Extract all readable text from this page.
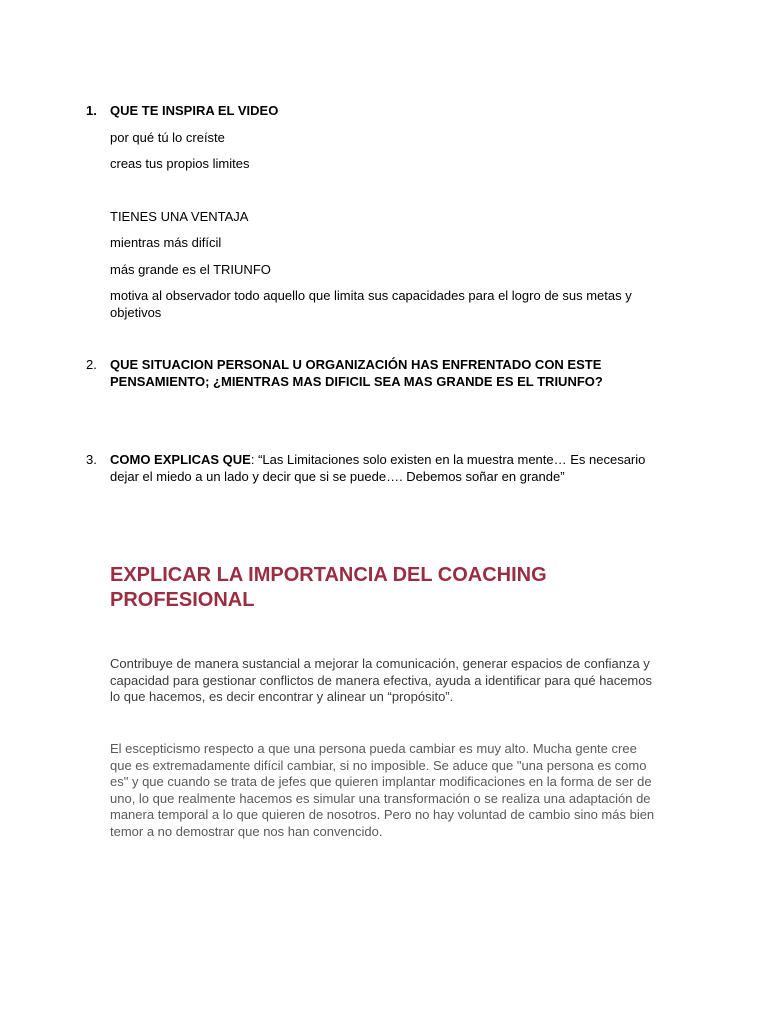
1. QUE TE INSPIRA EL VIDEO
por qué tú lo creíste
creas tus propios limites
TIENES UNA VENTAJA
mientras más difícil
más grande es el TRIUNFO
motiva al observador todo aquello que limita sus capacidades para el logro de sus metas y objetivos
2. QUE SITUACION PERSONAL U ORGANIZACIÓN HAS ENFRENTADO CON ESTE PENSAMIENTO; ¿MIENTRAS MAS DIFICIL SEA MAS GRANDE ES EL TRIUNFO?
3. COMO EXPLICAS QUE: “Las Limitaciones solo existen en la muestra mente… Es necesario dejar el miedo a un lado y decir que si se puede…. Debemos soñar en grande”
EXPLICAR LA IMPORTANCIA DEL COACHING PROFESIONAL
Contribuye de manera sustancial a mejorar la comunicación, generar espacios de confianza y capacidad para gestionar conflictos de manera efectiva, ayuda a identificar para qué hacemos lo que hacemos, es decir encontrar y alinear un “propósito”.
El escepticismo respecto a que una persona pueda cambiar es muy alto. Mucha gente cree que es extremadamente difícil cambiar, si no imposible. Se aduce que "una persona es como es" y que cuando se trata de jefes que quieren implantar modificaciones en la forma de ser de uno, lo que realmente hacemos es simular una transformación o se realiza una adaptación de manera temporal a lo que quieren de nosotros. Pero no hay voluntad de cambio sino más bien temor a no demostrar que nos han convencido.
